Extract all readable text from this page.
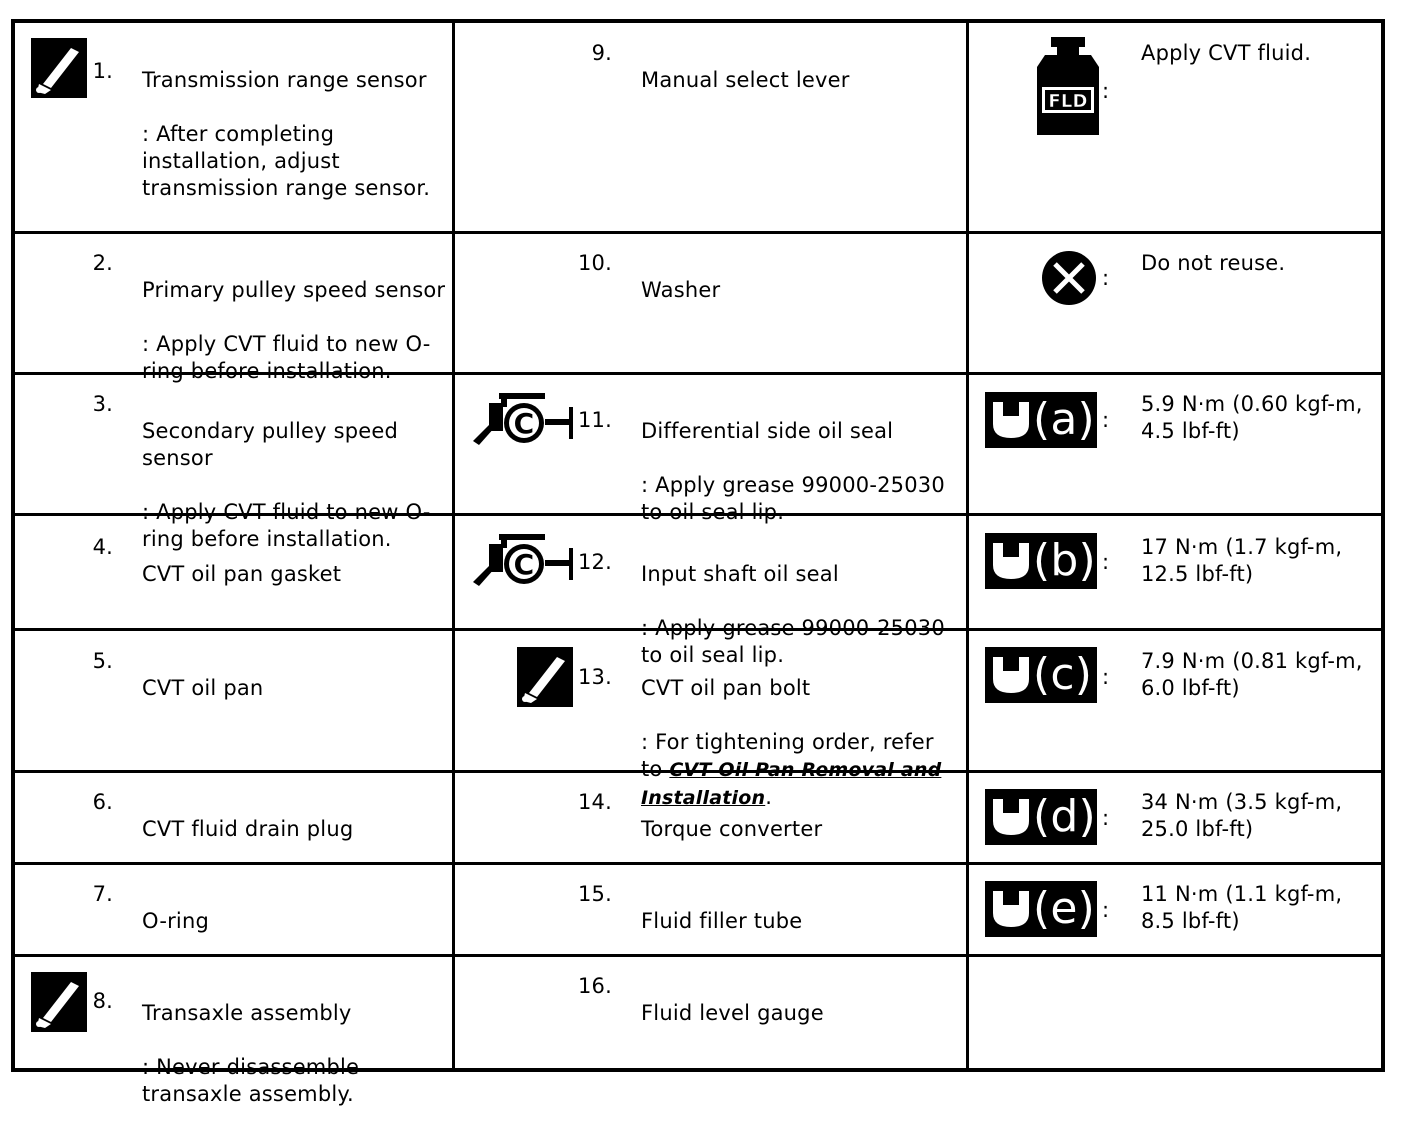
1. Transmission range sensor

: After completing installation, adjust transmission range sensor.

2.

Primary pulley speed sensor

: Apply CVT fluid to new O-ring before installation.

3.

Secondary pulley speed sensor

: Apply CVT fluid to new O-ring before installation.

4.

CVT oil pan gasket

5.

CVT oil pan

6.

CVT fluid drain plug

7.

O-ring

8. Transaxle assembly

: Never disassemble transaxle assembly.

9.

Manual select lever

10.

Washer

C	11. Differential side oil seal

: Apply grease 99000-25030 to oil seal lip.

C	12. Input shaft oil seal

: Apply grease 99000-25030 to oil seal lip.

13. CVT oil pan bolt

: For tightening order, refer to CVT Oil Pan Removal and Installation.

14.

Torque converter

15.

Fluid filler tube

16.

Fluid level gauge

FLD :
Apply CVT fluid.
:
Do not reuse.
(a) :
5.9 N·m (0.60 kgf-m, 4.5 lbf-ft)
(b) :
17 N·m (1.7 kgf-m, 12.5 lbf-ft)
(c) :
7.9 N·m (0.81 kgf-m, 6.0 lbf-ft)
(d) :
34 N·m (3.5 kgf-m, 25.0 lbf-ft)
(e) :
11 N·m (1.1 kgf-m, 8.5 lbf-ft)
